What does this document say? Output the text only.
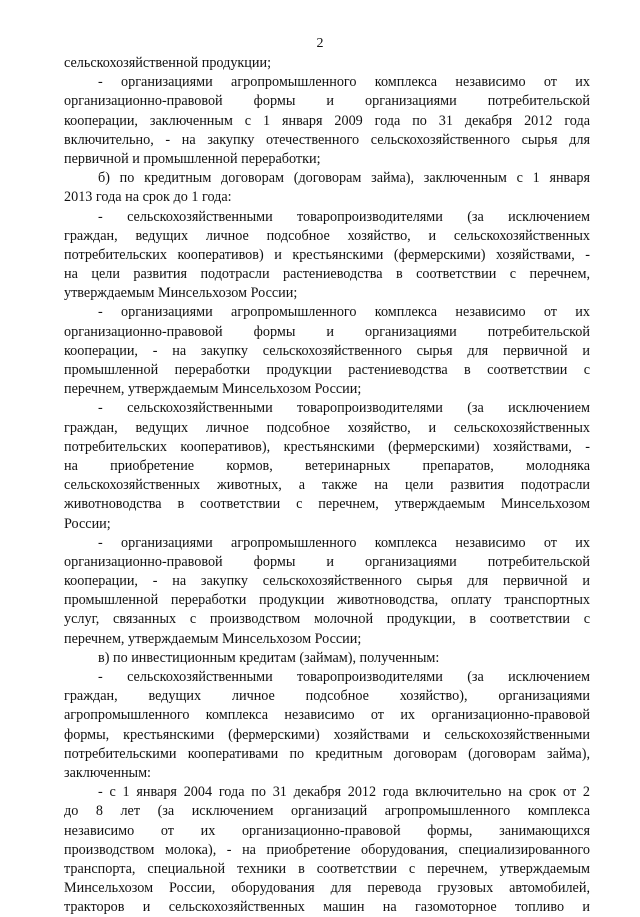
2
сельскохозяйственной продукции;
- организациями агропромышленного комплекса независимо от их
организационно-правовой формы и организациями потребительской
кооперации, заключенным с 1 января 2009 года по 31 декабря 2012 года
включительно, - на закупку отечественного сельскохозяйственного сырья для
первичной и промышленной переработки;
б) по кредитным договорам (договорам займа), заключенным с 1 января
2013 года на срок до 1 года:
- сельскохозяйственными товаропроизводителями (за исключением
граждан, ведущих личное подсобное хозяйство, и сельскохозяйственных
потребительских кооперативов) и крестьянскими (фермерскими) хозяйствами, -
на цели развития подотрасли растениеводства в соответствии с перечнем,
утверждаемым Минсельхозом России;
- организациями агропромышленного комплекса независимо от их
организационно-правовой формы и организациями потребительской
кооперации, - на закупку сельскохозяйственного сырья для первичной и
промышленной переработки продукции растениеводства в соответствии с
перечнем, утверждаемым Минсельхозом России;
- сельскохозяйственными товаропроизводителями (за исключением
граждан, ведущих личное подсобное хозяйство, и сельскохозяйственных
потребительских кооперативов), крестьянскими (фермерскими) хозяйствами, -
на приобретение кормов, ветеринарных препаратов, молодняка
сельскохозяйственных животных, а также на цели развития подотрасли
животноводства в соответствии с перечнем, утверждаемым Минсельхозом
России;
- организациями агропромышленного комплекса независимо от их
организационно-правовой формы и организациями потребительской
кооперации, - на закупку сельскохозяйственного сырья для первичной и
промышленной переработки продукции животноводства, оплату транспортных
услуг, связанных с производством молочной продукции, в соответствии с
перечнем, утверждаемым Минсельхозом России;
в) по инвестиционным кредитам (займам), полученным:
- сельскохозяйственными товаропроизводителями (за исключением
граждан, ведущих личное подсобное хозяйство), организациями
агропромышленного комплекса независимо от их организационно-правовой
формы, крестьянскими (фермерскими) хозяйствами и сельскохозяйственными
потребительскими кооперативами по кредитным договорам (договорам займа),
заключенным:
- с 1 января 2004 года по 31 декабря 2012 года включительно на срок от 2
до 8 лет (за исключением организаций агропромышленного комплекса
независимо от их организационно-правовой формы, занимающихся
производством молока), - на приобретение оборудования, специализированного
транспорта, специальной техники в соответствии с перечнем, утверждаемым
Минсельхозом России, оборудования для перевода грузовых автомобилей,
тракторов и сельскохозяйственных машин на газомоторное топливо и
